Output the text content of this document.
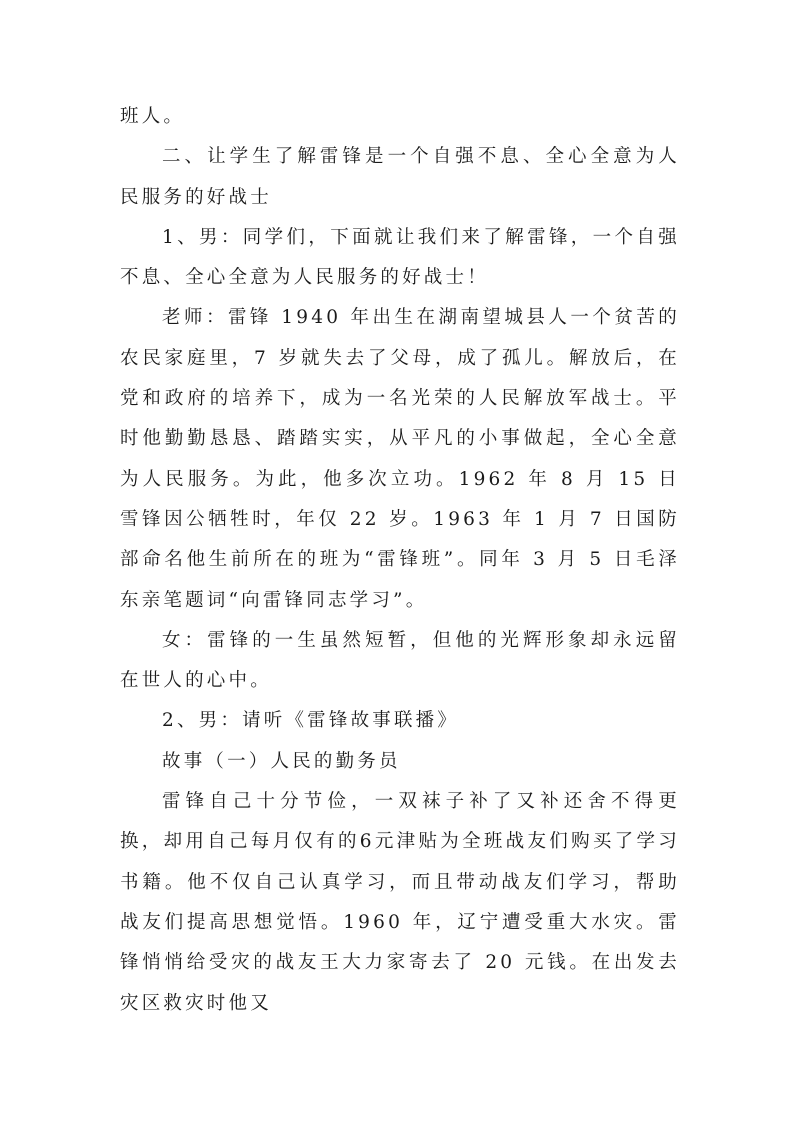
班人。

二、让学生了解雷锋是一个自强不息、全心全意为人民服务的好战士

1、男：同学们，下面就让我们来了解雷锋，一个自强不息、全心全意为人民服务的好战士！

老师：雷锋 1940 年出生在湖南望城县人一个贫苦的农民家庭里，7 岁就失去了父母，成了孤儿。解放后，在党和政府的培养下，成为一名光荣的人民解放军战士。平时他勤勤恳恳、踏踏实实，从平凡的小事做起，全心全意为人民服务。为此，他多次立功。1962 年 8 月 15 日雪锋因公牺牲时，年仅 22 岁。1963 年 1 月 7 日国防部命名他生前所在的班为“雷锋班”。同年 3 月 5 日毛泽东亲笔题词“向雷锋同志学习”。

女：雷锋的一生虽然短暂，但他的光辉形象却永远留在世人的心中。

2、男：请听《雷锋故事联播》

故事（一）人民的勤务员

雷锋自己十分节俭，一双袜子补了又补还舍不得更换，却用自己每月仅有的6元津贴为全班战友们购买了学习书籍。他不仅自己认真学习，而且带动战友们学习，帮助战友们提高思想觉悟。1960 年，辽宁遭受重大水灾。雷锋悄悄给受灾的战友王大力家寄去了 20 元钱。在出发去灾区救灾时他又
